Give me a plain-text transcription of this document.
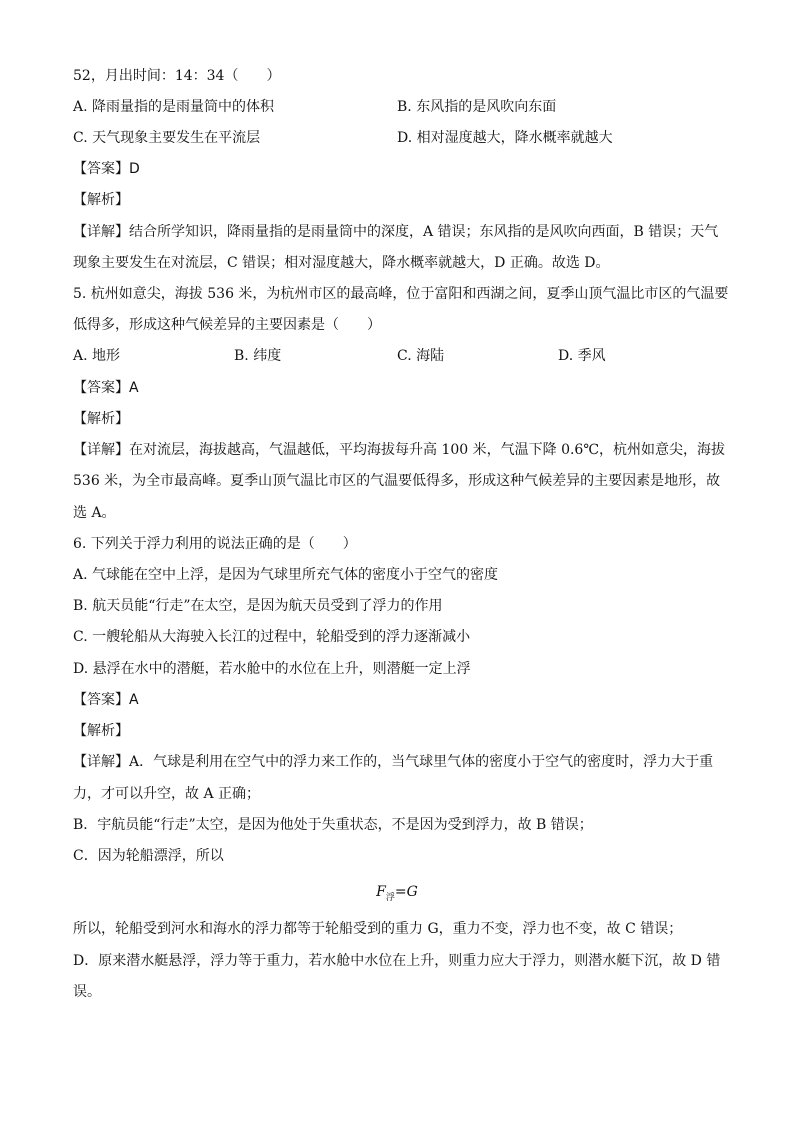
52，月出时间：14：34（　　）
A. 降雨量指的是雨量筒中的体积	B. 东风指的是风吹向东面
C. 天气现象主要发生在平流层	D. 相对湿度越大，降水概率就越大
【答案】D
【解析】
【详解】结合所学知识，降雨量指的是雨量筒中的深度，A 错误；东风指的是风吹向西面，B 错误；天气
现象主要发生在对流层，C 错误；相对湿度越大，降水概率就越大，D 正确。故选 D。
5. 杭州如意尖，海拔 536 米，为杭州市区的最高峰，位于富阳和西湖之间，夏季山顶气温比市区的气温要
低得多，形成这种气候差异的主要因素是（　　）
A. 地形	B. 纬度	C. 海陆	D. 季风
【答案】A
【解析】
【详解】在对流层，海拔越高，气温越低，平均海拔每升高 100 米，气温下降 0.6℃，杭州如意尖，海拔
536 米，为全市最高峰。夏季山顶气温比市区的气温要低得多，形成这种气候差异的主要因素是地形，故
选 A。
6. 下列关于浮力利用的说法正确的是（　　）
A. 气球能在空中上浮，是因为气球里所充气体的密度小于空气的密度
B. 航天员能“行走”在太空，是因为航天员受到了浮力的作用
C. 一艘轮船从大海驶入长江的过程中，轮船受到的浮力逐渐减小
D. 悬浮在水中的潜艇，若水舱中的水位在上升，则潜艇一定上浮
【答案】A
【解析】
【详解】A．气球是利用在空气中的浮力来工作的，当气球里气体的密度小于空气的密度时，浮力大于重
力，才可以升空，故 A 正确；
B．宇航员能“行走”太空，是因为他处于失重状态，不是因为受到浮力，故 B 错误；
C．因为轮船漂浮，所以
$F_浮=G$
所以，轮船受到河水和海水的浮力都等于轮船受到的重力 G，重力不变，浮力也不变，故 C 错误；
D．原来潜水艇悬浮，浮力等于重力，若水舱中水位在上升，则重力应大于浮力，则潜水艇下沉，故 D 错
误。
